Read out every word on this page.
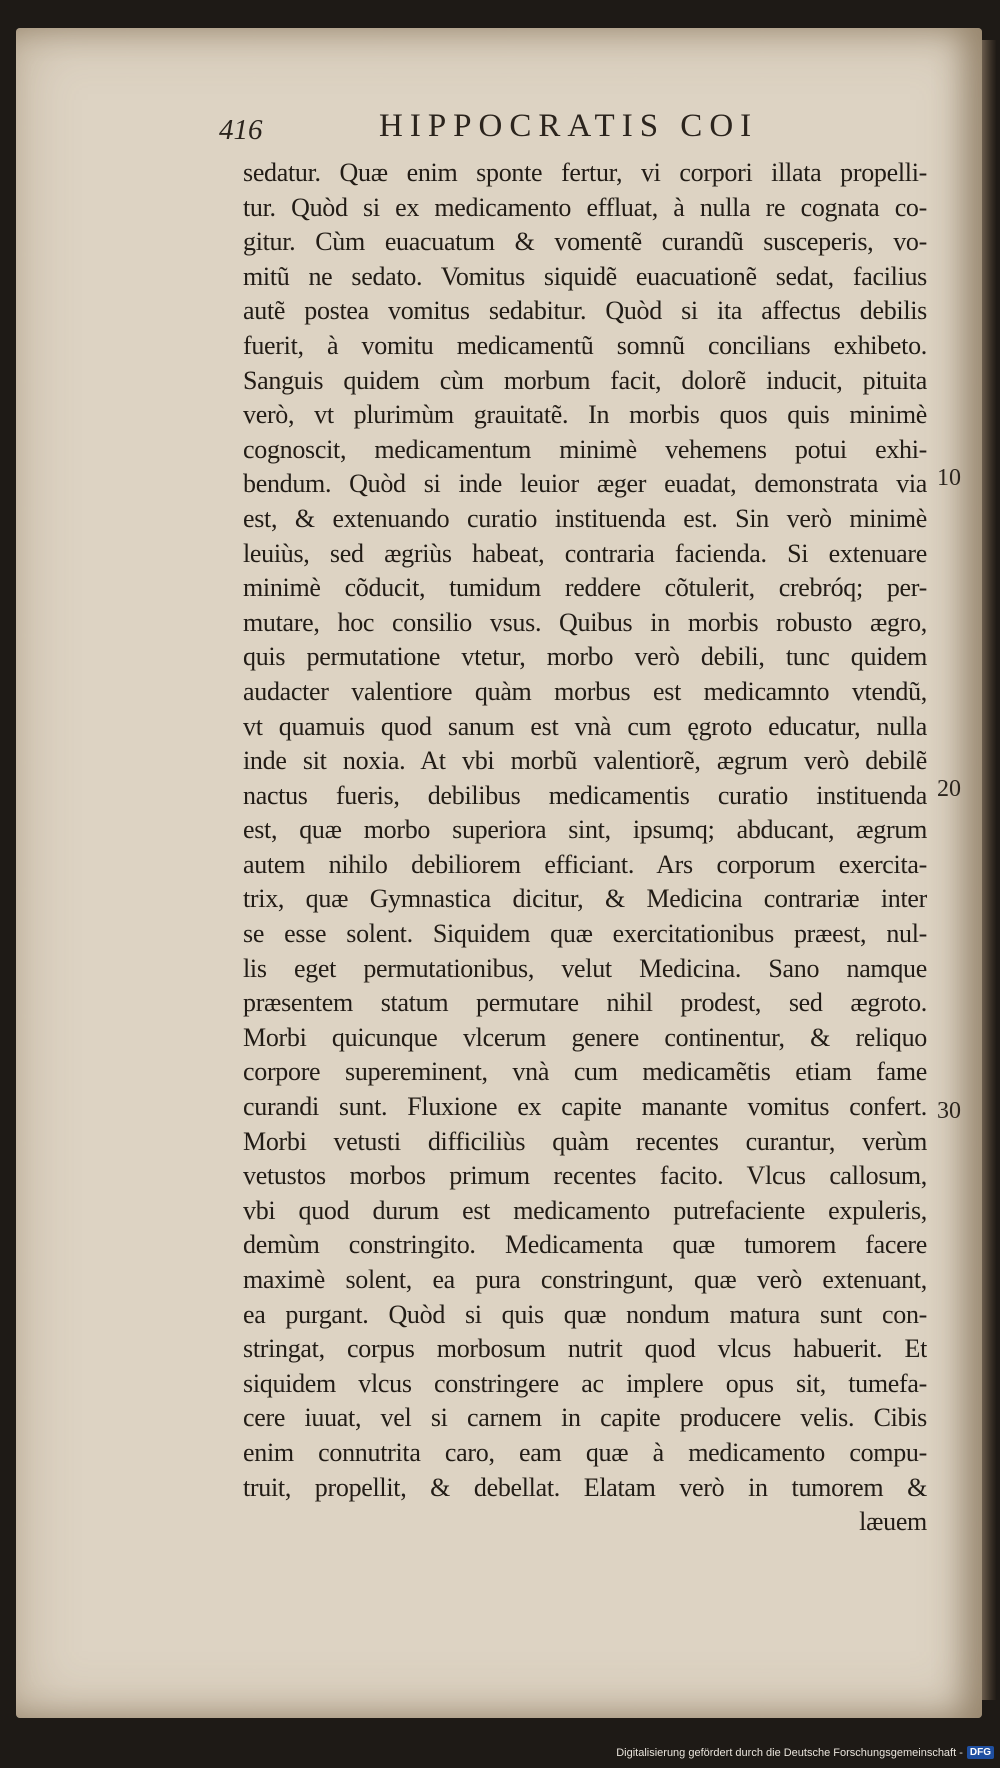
416	HIPPOCRATIS COI
sedatur. Quæ enim sponte fertur, vi corpori illata propelli-
tur. Quòd si ex medicamento effluat, à nulla re cognata co-
gitur. Cùm euacuatum & vomentẽ curandũ susceperis, vo-
mitũ ne sedato. Vomitus siquidẽ euacuationẽ sedat, facilius
autẽ postea vomitus sedabitur. Quòd si ita affectus debilis
fuerit, à vomitu medicamentũ somnũ concilians exhibeto.
Sanguis quidem cùm morbum facit, dolorẽ inducit, pituita
verò, vt plurimùm grauitatẽ. In morbis quos quis minimè
cognoscit, medicamentum minimè vehemens potui exhi-
bendum. Quòd si inde leuior æger euadat, demonstrata via
est, & extenuando curatio instituenda est. Sin verò minimè
leuiùs, sed ægriùs habeat, contraria facienda. Si extenuare
minimè cõducit, tumidum reddere cõtulerit, crebróq; per-
mutare, hoc consilio vsus. Quibus in morbis robusto ægro,
quis permutatione vtetur, morbo verò debili, tunc quidem
audacter valentiore quàm morbus est medicamnto vtendũ,
vt quamuis quod sanum est vnà cum ęgroto educatur, nulla
inde sit noxia. At vbi morbũ valentiorẽ, ægrum verò debilẽ
nactus fueris, debilibus medicamentis curatio instituenda
est, quæ morbo superiora sint, ipsumq; abducant, ægrum
autem nihilo debiliorem efficiant. Ars corporum exercita-
trix, quæ Gymnastica dicitur, & Medicina contrariæ inter
se esse solent. Siquidem quæ exercitationibus præest, nul-
lis eget permutationibus, velut Medicina. Sano namque
præsentem statum permutare nihil prodest, sed ægroto.
Morbi quicunque vlcerum genere continentur, & reliquo
corpore supereminent, vnà cum medicamẽtis etiam fame
curandi sunt. Fluxione ex capite manante vomitus confert.
Morbi vetusti difficiliùs quàm recentes curantur, verùm
vetustos morbos primum recentes facito. Vlcus callosum,
vbi quod durum est medicamento putrefaciente expuleris,
demùm constringito. Medicamenta quæ tumorem facere
maximè solent, ea pura constringunt, quæ verò extenuant,
ea purgant. Quòd si quis quæ nondum matura sunt con-
stringat, corpus morbosum nutrit quod vlcus habuerit. Et
siquidem vlcus constringere ac implere opus sit, tumefa-
cere iuuat, vel si carnem in capite producere velis. Cibis
enim connutrita caro, eam quæ à medicamento compu-
truit, propellit, & debellat. Elatam verò in tumorem &
læuem
10
20
30
Digitalisierung gefördert durch die Deutsche Forschungsgemeinschaft - DFG
